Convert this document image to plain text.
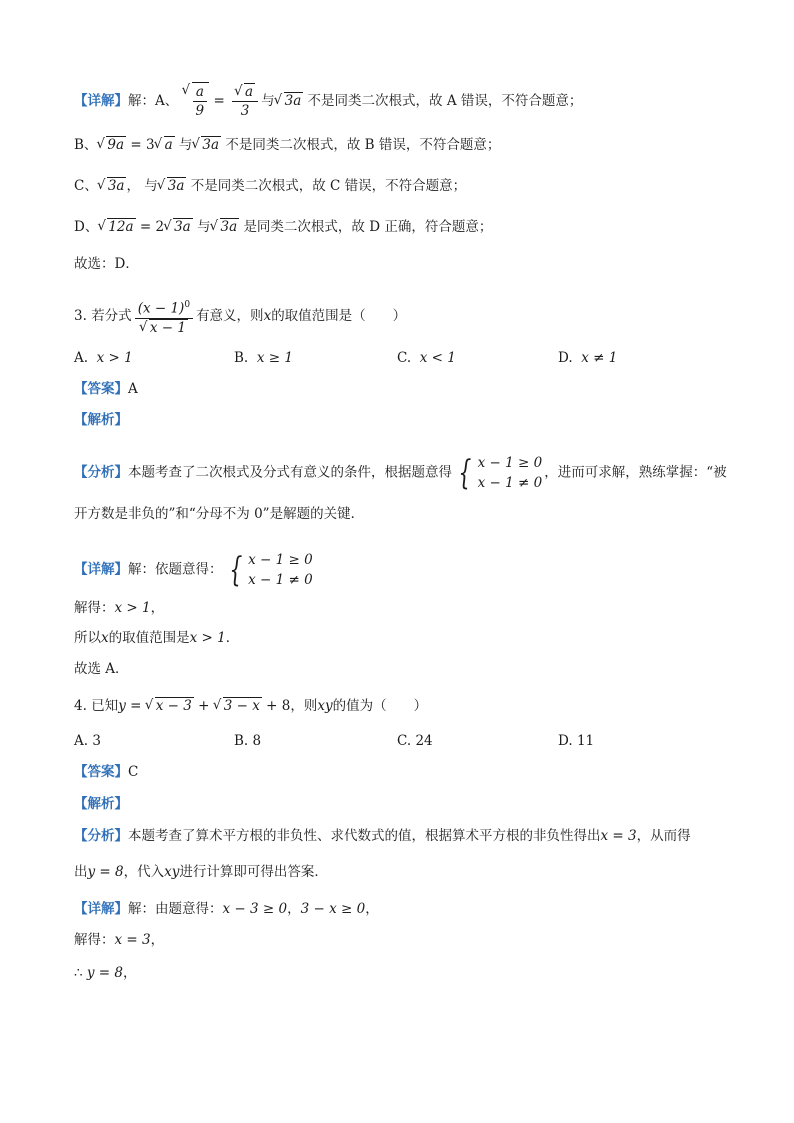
【详解】解：A、 √ $\frac{a}{9}$ = √ $\frac{a}{3}$ 与 √ 3a 不是同类二次根式，故 A 错误，不符合题意；
B、 √ 9a = 3 √ a 与 √ 3a 不是同类二次根式，故 B 错误，不符合题意；
C、 √ 3a ， 与 √ 3a 不是同类二次根式，故 C 错误，不符合题意；
D、 √ 12a = 2 √ 3a 与 √ 3a 是同类二次根式，故 D 正确，符合题意；
故选：D．
3. 若分式 $(x - 1)^0$
√ x − 1 有意义，则x的取值范围是（　　）
A. x > 1	B. x ≥ 1	C. x < 1	D. x ≠ 1
【答案】A
【解析】
【分析】本题考查了二次根式及分式有意义的条件，根据题意得 { x − 1 ≥ 0
x − 1 ≠ 0
，进而可求解，熟练掌握：“被
开方数是非负的”和“分母不为 0”是解题的关键．
【详解】解：依题意得： { x − 1 ≥ 0
x − 1 ≠ 0
解得：x > 1，
所以x的取值范围是x > 1．
故选 A．
4. 已知y = √ x − 3 + √ 3 − x + 8，则xy的值为（　　）
A. 3	B. 8	C. 24	D. 11
【答案】C
【解析】
【分析】本题考查了算术平方根的非负性、求代数式的值，根据算术平方根的非负性得出x = 3，从而得
出y = 8，代入xy进行计算即可得出答案．
【详解】解：由题意得：x − 3 ≥ 0，3 − x ≥ 0，
解得：x = 3，
∴ y = 8，
